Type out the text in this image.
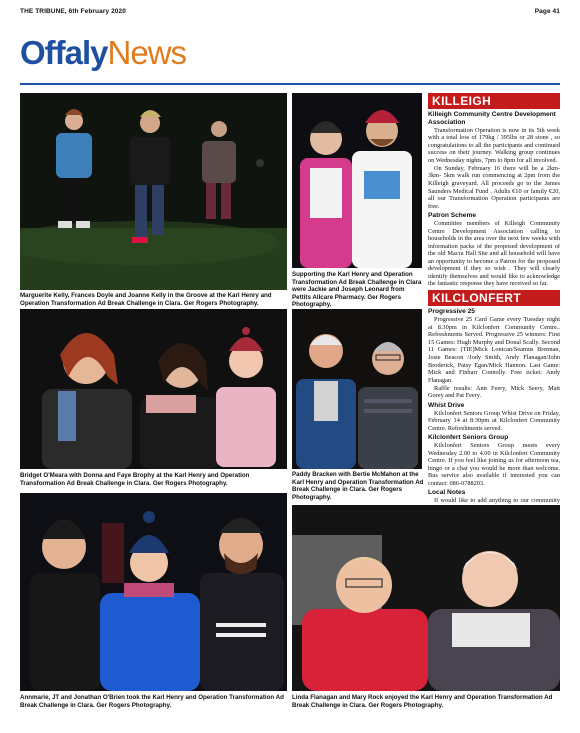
THE TRIBUNE, 6th February 2020	Page 41
OffalyNews
Marguerite Kelly, Frances Doyle and Joanne Kelly in the Groove at the Karl Henry and Operation Transformation Ad Break Challenge in Clara. Ger Rogers Photography.
Supporting the Karl Henry and Operation Transformation Ad Break Challenge in Clara were Jackie and Joseph Leonard from Pettits Allcare Pharmacy. Ger Rogers Photography.
Bridget O'Meara with Donna and Faye Brophy at the Karl Henry and Operation Transformation Ad Break Challenge in Clara. Ger Rogers Photography.
Paddy Bracken with Bertie McMahon at the Karl Henry and Operation Transformation Ad Break Challenge in Clara. Ger Rogers Photography.
Annmarie, JT and Jonathan O'Brien took the Karl Henry and Operation Transformation Ad Break Challenge in Clara. Ger Rogers Photography.
Linda Flanagan and Mary Rock enjoyed the Karl Henry and Operation Transformation Ad Break Challenge in Clara. Ger Rogers Photography.
KILLEIGH
Killeigh Community Centre Development Association
Transformation Operation is now in its 5th week with a total loss of 179kg / 395lbs or 28 stone , so congratulations to all the participants and continued success on their journey. Walking group continues on Wednesday nights, 7pm to 8pm for all involved.
On Sunday, February 16 there will be a 2km-3km- 5km walk run commencing at 2pm from the Killeigh graveyard. All proceeds go to the James Saunders Medical Fund . Adults €10 or family €20, all our Transformation Operation participants are free.
Patron Scheme
Committee members of Killeigh Community Centre Development Association calling to households in the area over the next few weeks with information packs of the proposed development of the old Macra Hall Site and all household will have an opportunity to become a Patron for the proposed development if they so wish . They will clearly identify themselves and would like to acknowledge the fantastic response they have received so far.
KILCLONFERT
Progressive 25
Progressive 25 Card Game every Tuesday night at 8.30pm in Kilclonfert Community Centre.. Refreshments Served. Progressive 25 winners: First 15 Games: Hugh Murphy and Donal Scally. Second 11 Games: (TIE)Mick Lonican/Seamus Brennan, Josie Beacon /Jody Smith, Andy Flanagan/John Broderick, Patsy Egan/Mick Hannon. Last Game: Mick and Finbarr Connolly. Free ticket: Andy Flanagan.
Raffle results: Ann Feery, Mick Seery, Matt Gorey and Pat Feery.
Whist Drive
Kilclonfert Seniors Group Whist Drive on Friday, February 14 at 8:30pm at Kilclonfert Community Centre. Refreshments served.
Kilclonfert Seniors Group
Kilclonfert Seniors Group meets every Wednesday 2.00 to 4.00 in Kilclonfert Community Centre. If you feel like joining us for afternoon tea, bingo or a chat you would be more than welcome. Bus service also available if interested you can contact: 086-0788203.
Local Notes
If would like to add anything to our community notes drop them into the office or just email
kilclonfertcommunitycentre@outlook.com
before 10 o'clock Monday morning
